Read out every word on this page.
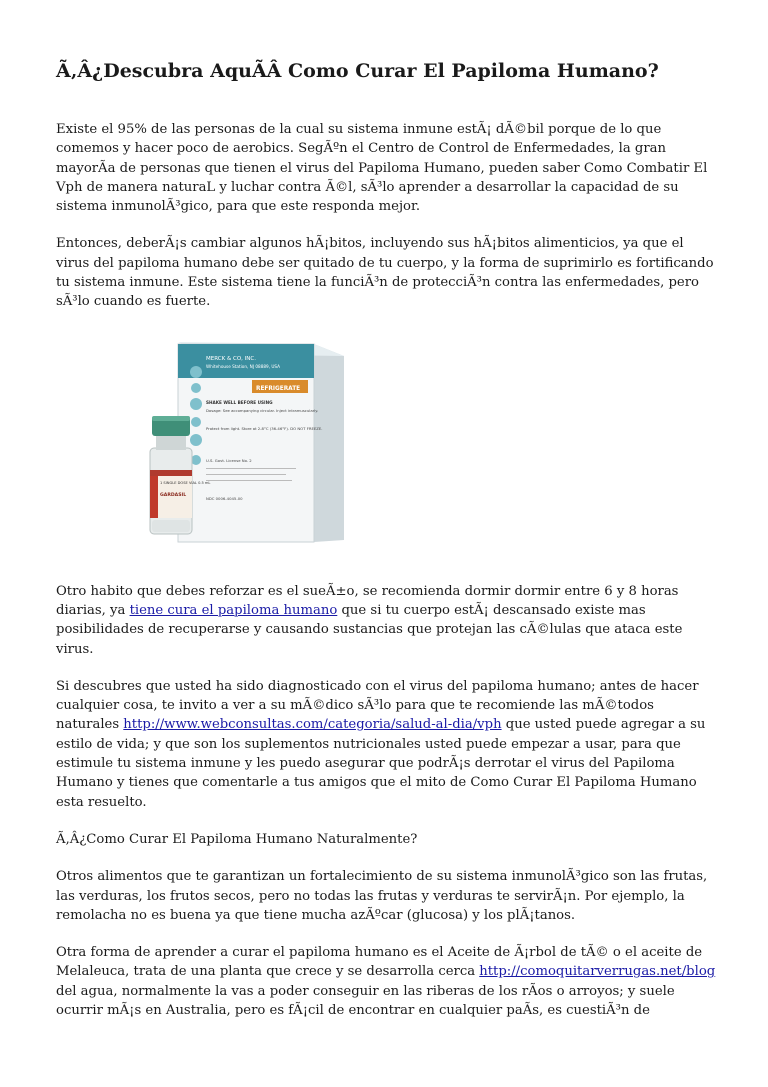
Ã‚Â¿Descubra AquÃÂ Como Curar El Papiloma Humano?

Existe el 95% de las personas de la cual su sistema inmune estÃ¡ dÃ©bil porque de lo que comemos y hacer poco de aerobics. SegÃºn el Centro de Control de Enfermedades, la gran mayorÃa de personas que tienen el virus del Papiloma Humano, pueden saber Como Combatir El Vph de manera naturaL y luchar contra Ã©l, sÃ³lo aprender a desarrollar la capacidad de su sistema inmunolÃ³gico, para que este responda mejor.

Entonces, deberÃ¡s cambiar algunos hÃ¡bitos, incluyendo sus hÃ¡bitos alimenticios, ya que el virus del papiloma humano debe ser quitado de tu cuerpo, y la forma de suprimirlo es fortificando tu sistema inmune. Este sistema tiene la funciÃ³n de protecciÃ³n contra las enfermedades, pero sÃ³lo cuando es fuerte.

MERCK & CO, INC.
Whitehouse Station, NJ 08889, USA
REFRIGERATE
SHAKE WELL BEFORE USING
Dosage: See accompanying circular. Inject intramuscularly.
Protect from light. Store at 2-8°C (36-46°F). DO NOT FREEZE.
U.S. Govt. License No. 2
NDC 0006-4045-00
1 SINGLE DOSE VIAL 0.5 mL
GARDASIL

Otro habito que debes reforzar es el sueÃ±o, se recomienda dormir dormir entre 6 y 8 horas diarias, ya tiene cura el papiloma humano que si tu cuerpo estÃ¡ descansado existe mas posibilidades de recuperarse y causando sustancias que protejan las cÃ©lulas que ataca este virus.

Si descubres que usted ha sido diagnosticado con el virus del papiloma humano; antes de hacer cualquier cosa, te invito a ver a su mÃ©dico sÃ³lo para que te recomiende las mÃ©todos naturales http://www.webconsultas.com/categoria/salud-al-dia/vph que usted puede agregar a su estilo de vida; y que son los suplementos nutricionales usted puede empezar a usar, para que estimule tu sistema inmune y les puedo asegurar que podrÃ¡s derrotar el virus del Papiloma Humano y tienes que comentarle a tus amigos que el mito de Como Curar El Papiloma Humano esta resuelto.

Ã‚Â¿Como Curar El Papiloma Humano Naturalmente?

Otros alimentos que te garantizan un fortalecimiento de su sistema inmunolÃ³gico son las frutas, las verduras, los frutos secos, pero no todas las frutas y verduras te servirÃ¡n. Por ejemplo, la remolacha no es buena ya que tiene mucha azÃºcar (glucosa) y los plÃ¡tanos.

Otra forma de aprender a curar el papiloma humano es el Aceite de Ã¡rbol de tÃ© o el aceite de Melaleuca, trata de una planta que crece y se desarrolla cerca http://comoquitarverrugas.net/blog del agua, normalmente la vas a poder conseguir en las riberas de los rÃos o arroyos; y suele ocurrir mÃ¡s en Australia, pero es fÃ¡cil de encontrar en cualquier paÃs, es cuestiÃ³n de
